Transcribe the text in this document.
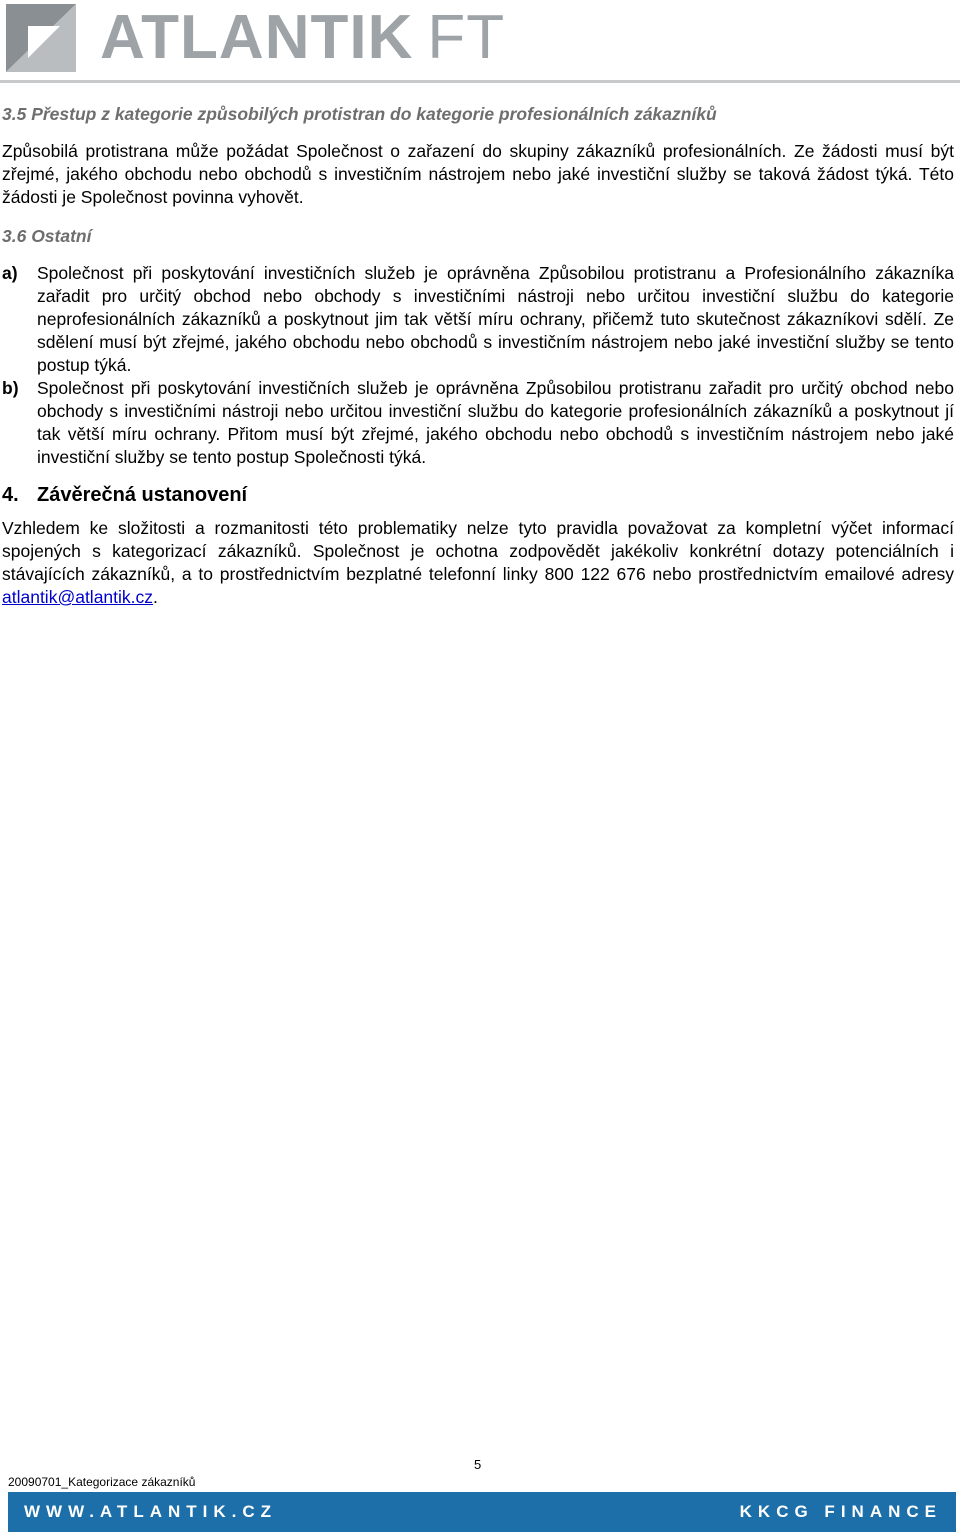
ATLANTIK FT

3.5 Přestup z kategorie způsobilých protistran do kategorie profesionálních zákazníků

Způsobilá protistrana může požádat Společnost o zařazení do skupiny zákazníků profesionálních. Ze žádosti musí být zřejmé, jakého obchodu nebo obchodů s investičním nástrojem nebo jaké investiční služby se taková žádost týká. Této žádosti je Společnost povinna vyhovět.

3.6 Ostatní

a)	Společnost při poskytování investičních služeb je oprávněna Způsobilou protistranu a Profesionálního zákazníka zařadit pro určitý obchod nebo obchody s investičními nástroji nebo určitou investiční službu do kategorie neprofesionálních zákazníků a poskytnout jim tak větší míru ochrany, přičemž tuto skutečnost zákazníkovi sdělí. Ze sdělení musí být zřejmé, jakého obchodu nebo obchodů s investičním nástrojem nebo jaké investiční služby se tento postup týká.
b)	Společnost při poskytování investičních služeb je oprávněna Způsobilou protistranu zařadit pro určitý obchod nebo obchody s investičními nástroji nebo určitou investiční službu do kategorie profesionálních zákazníků a poskytnout jí tak větší míru ochrany. Přitom musí být zřejmé, jakého obchodu nebo obchodů s investičním nástrojem nebo jaké investiční služby se tento postup Společnosti týká.
4. Závěrečná ustanovení

Vzhledem ke složitosti a rozmanitosti této problematiky nelze tyto pravidla považovat za kompletní výčet informací spojených s kategorizací zákazníků. Společnost je ochotna zodpovědět jakékoliv konkrétní dotazy potenciálních i stávajících zákazníků, a to prostřednictvím bezplatné telefonní linky 800 122 676 nebo prostřednictvím emailové adresy atlantik@atlantik.cz.

5
20090701_Kategorizace zákazníků
WWW.ATLANTIK.CZ	KKCG FINANCE
